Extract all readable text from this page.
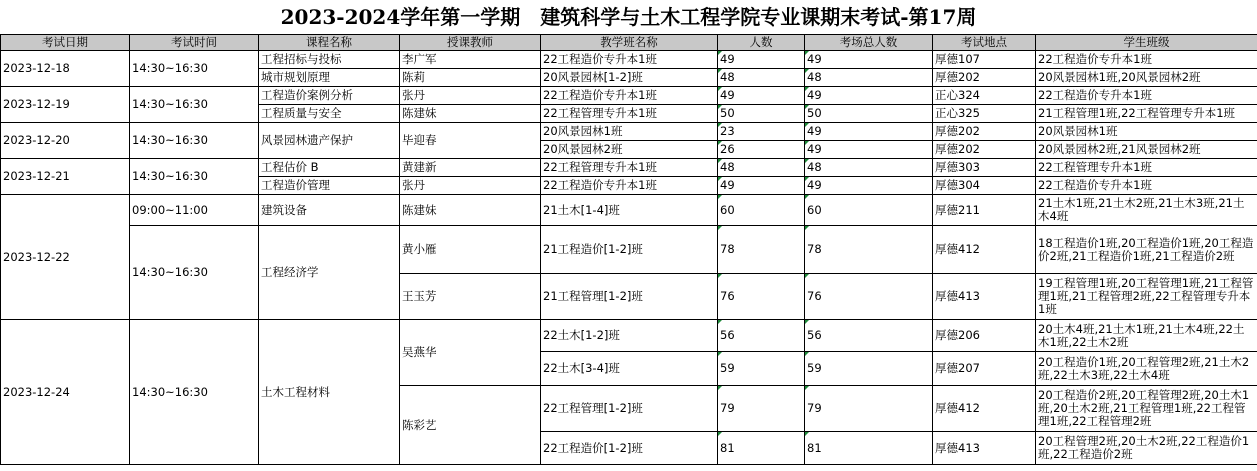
2023-2024学年第一学期　建筑科学与土木工程学院专业课期末考试-第17周
考试日期	考试时间	课程名称	授课教师	教学班名称	人数	考场总人数	考试地点	学生班级
2023-12-18	14:30~16:30	工程招标与投标	李广军	22工程造价专升本1班	49	49	厚德107	22工程造价专升本1班
		城市规划原理	陈莉	20风景园林[1-2]班	48	48	厚德202	20风景园林1班,20风景园林2班
2023-12-19	14:30~16:30	工程造价案例分析	张丹	22工程造价专升本1班	49	49	正心324	22工程造价专升本1班
		工程质量与安全	陈建妹	22工程管理专升本1班	50	50	正心325	21工程管理1班,22工程管理专升本1班
2023-12-20	14:30~16:30	风景园林遗产保护	毕迎春	20风景园林1班	23	49	厚德202	20风景园林1班
				20风景园林2班	26	49	厚德202	20风景园林2班,21风景园林2班
2023-12-21	14:30~16:30	工程估价 B	黄建新	22工程管理专升本1班	48	48	厚德303	22工程管理专升本1班
		工程造价管理	张丹	22工程造价专升本1班	49	49	厚德304	22工程造价专升本1班
2023-12-22	09:00~11:00	建筑设备	陈建妹	21土木[1-4]班	60	60	厚德211	21土木1班,21土木2班,21土木3班,21土木4班
	14:30~16:30	工程经济学	黄小雁	21工程造价[1-2]班	78	78	厚德412	18工程造价1班,20工程造价1班,20工程造价2班,21工程造价1班,21工程造价2班
			王玉芳	21工程管理[1-2]班	76	76	厚德413	19工程管理1班,20工程管理1班,21工程管理1班,21工程管理2班,22工程管理专升本1班
2023-12-24	14:30~16:30	土木工程材料	吴燕华	22土木[1-2]班	56	56	厚德206	20土木4班,21土木1班,21土木4班,22土木1班,22土木2班
				22土木[3-4]班	59	59	厚德207	20工程造价1班,20工程管理2班,21土木2班,22土木3班,22土木4班
			陈彩艺	22工程管理[1-2]班	79	79	厚德412	20工程造价2班,20工程管理2班,20土木1班,20土木2班,21工程管理1班,22工程管理1班,22工程管理2班
				22工程造价[1-2]班	81	81	厚德413	20工程管理2班,20土木2班,22工程造价1班,22工程造价2班
